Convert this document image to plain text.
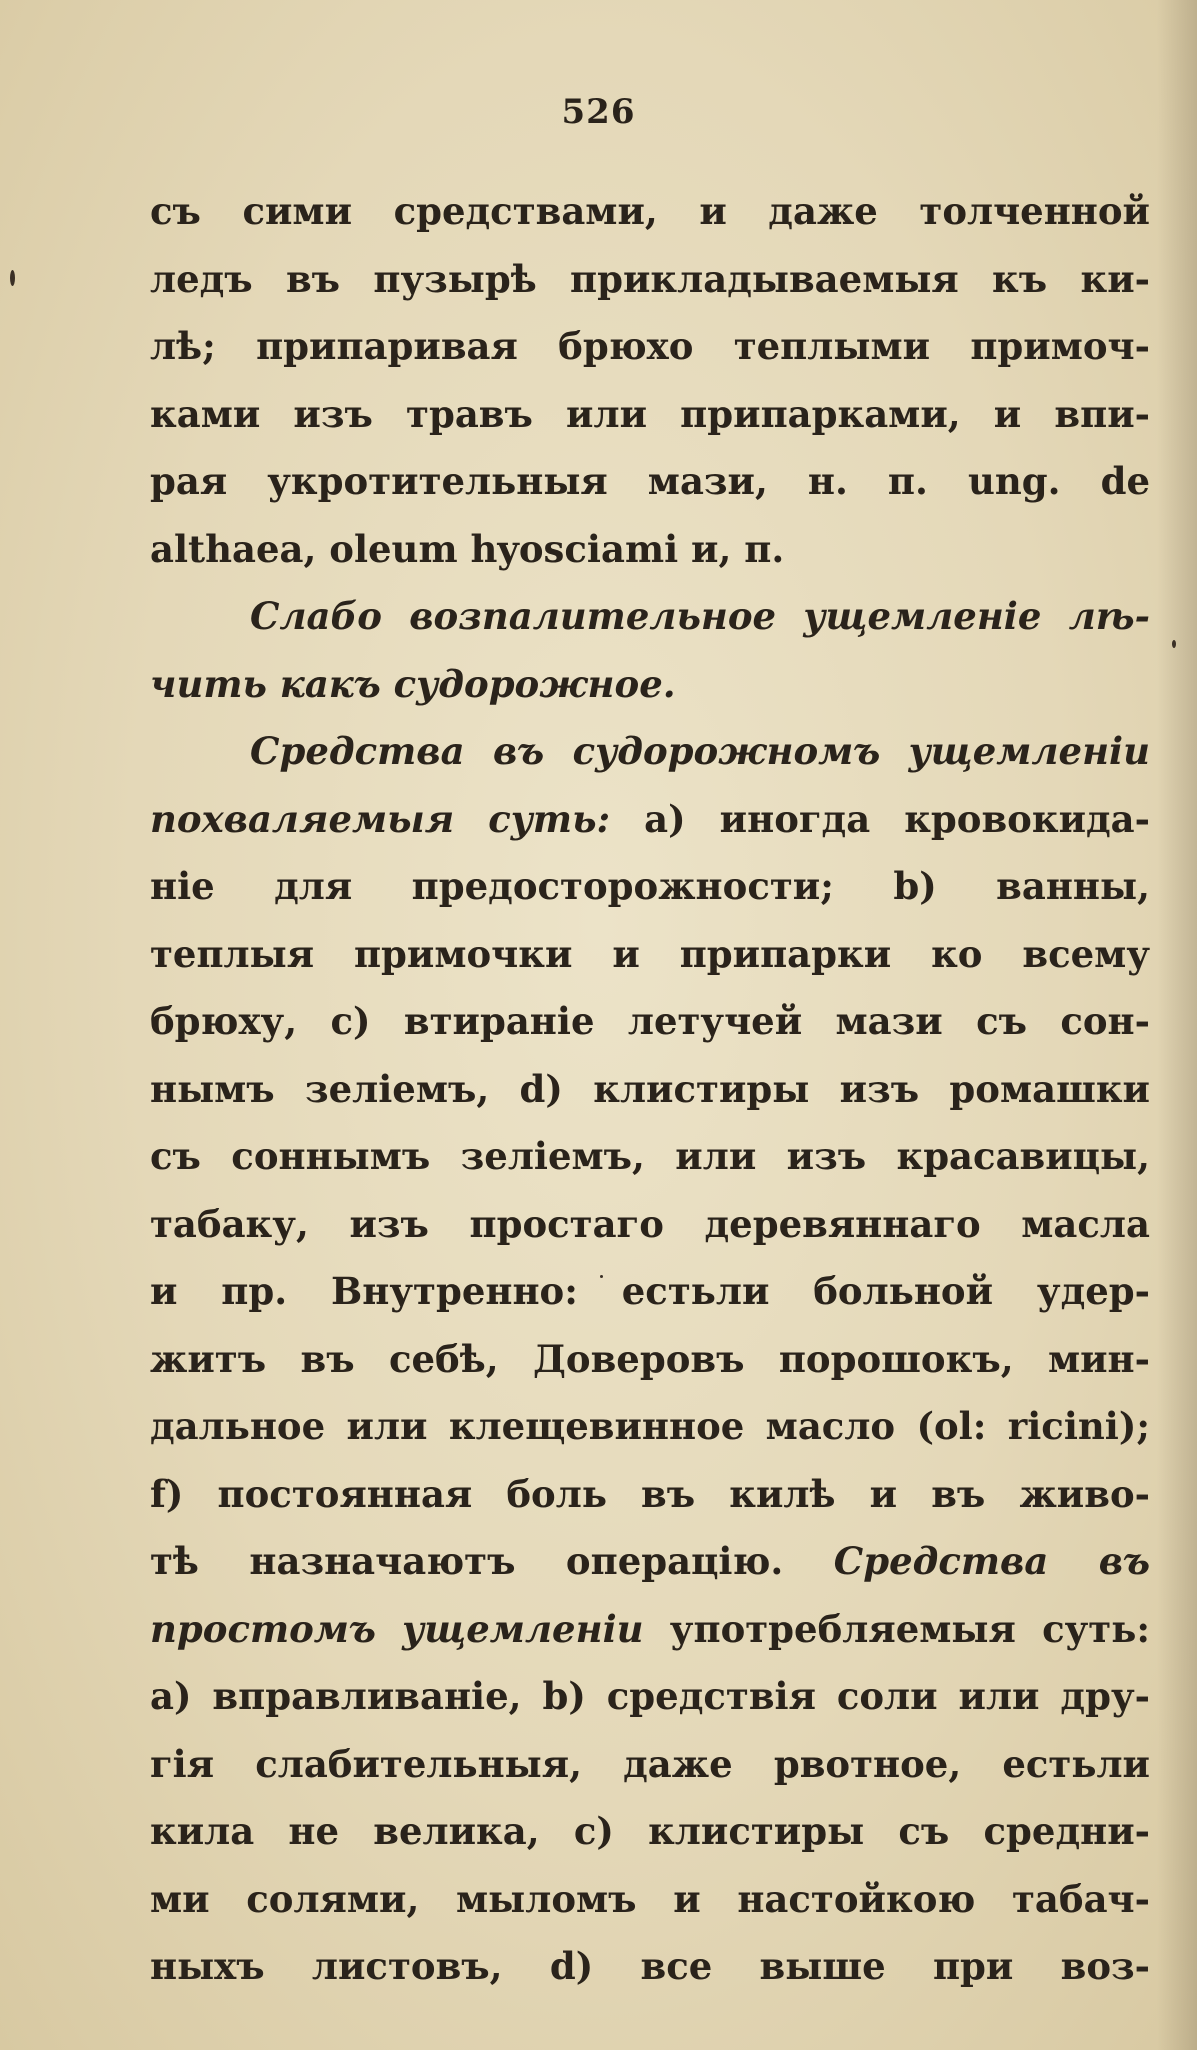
526
съ сими средствами, и даже толченной
ледъ въ пузырѣ прикладываемыя къ ки-
лѣ; припаривая брюхо теплыми примоч-
ками изъ травъ или припарками, и впи-
рая укротительныя мази, н. п. ung. de
althaea, oleum hyosciami и, п.
Слабо возпалительное ущемленіе лѣ-
чить какъ судорожное.
Средства въ судорожномъ ущемленіи
похваляемыя суть: а) иногда кровокида-
ніе для предосторожности; b) ванны,
теплыя примочки и припарки ко всему
брюху, с) втираніе летучей мази съ сон-
нымъ зеліемъ, d) клистиры изъ ромашки
съ соннымъ зеліемъ, или изъ красавицы,
табаку, изъ простаго деревяннаго масла
и пр. Внутренно: естьли больной удер-
житъ въ себѣ, Доверовъ порошокъ, мин-
дальное или клещевинное масло (ol: ricini);
f) постоянная боль въ килѣ и въ живо-
тѣ назначаютъ операцію. Средства въ
простомъ ущемленіи употребляемыя суть:
а) вправливаніе, b) средствія соли или дру-
гія слабительныя, даже рвотное, естьли
кила не велика, с) клистиры съ средни-
ми солями, мыломъ и настойкою табач-
ныхъ листовъ, d) все выше при воз-
